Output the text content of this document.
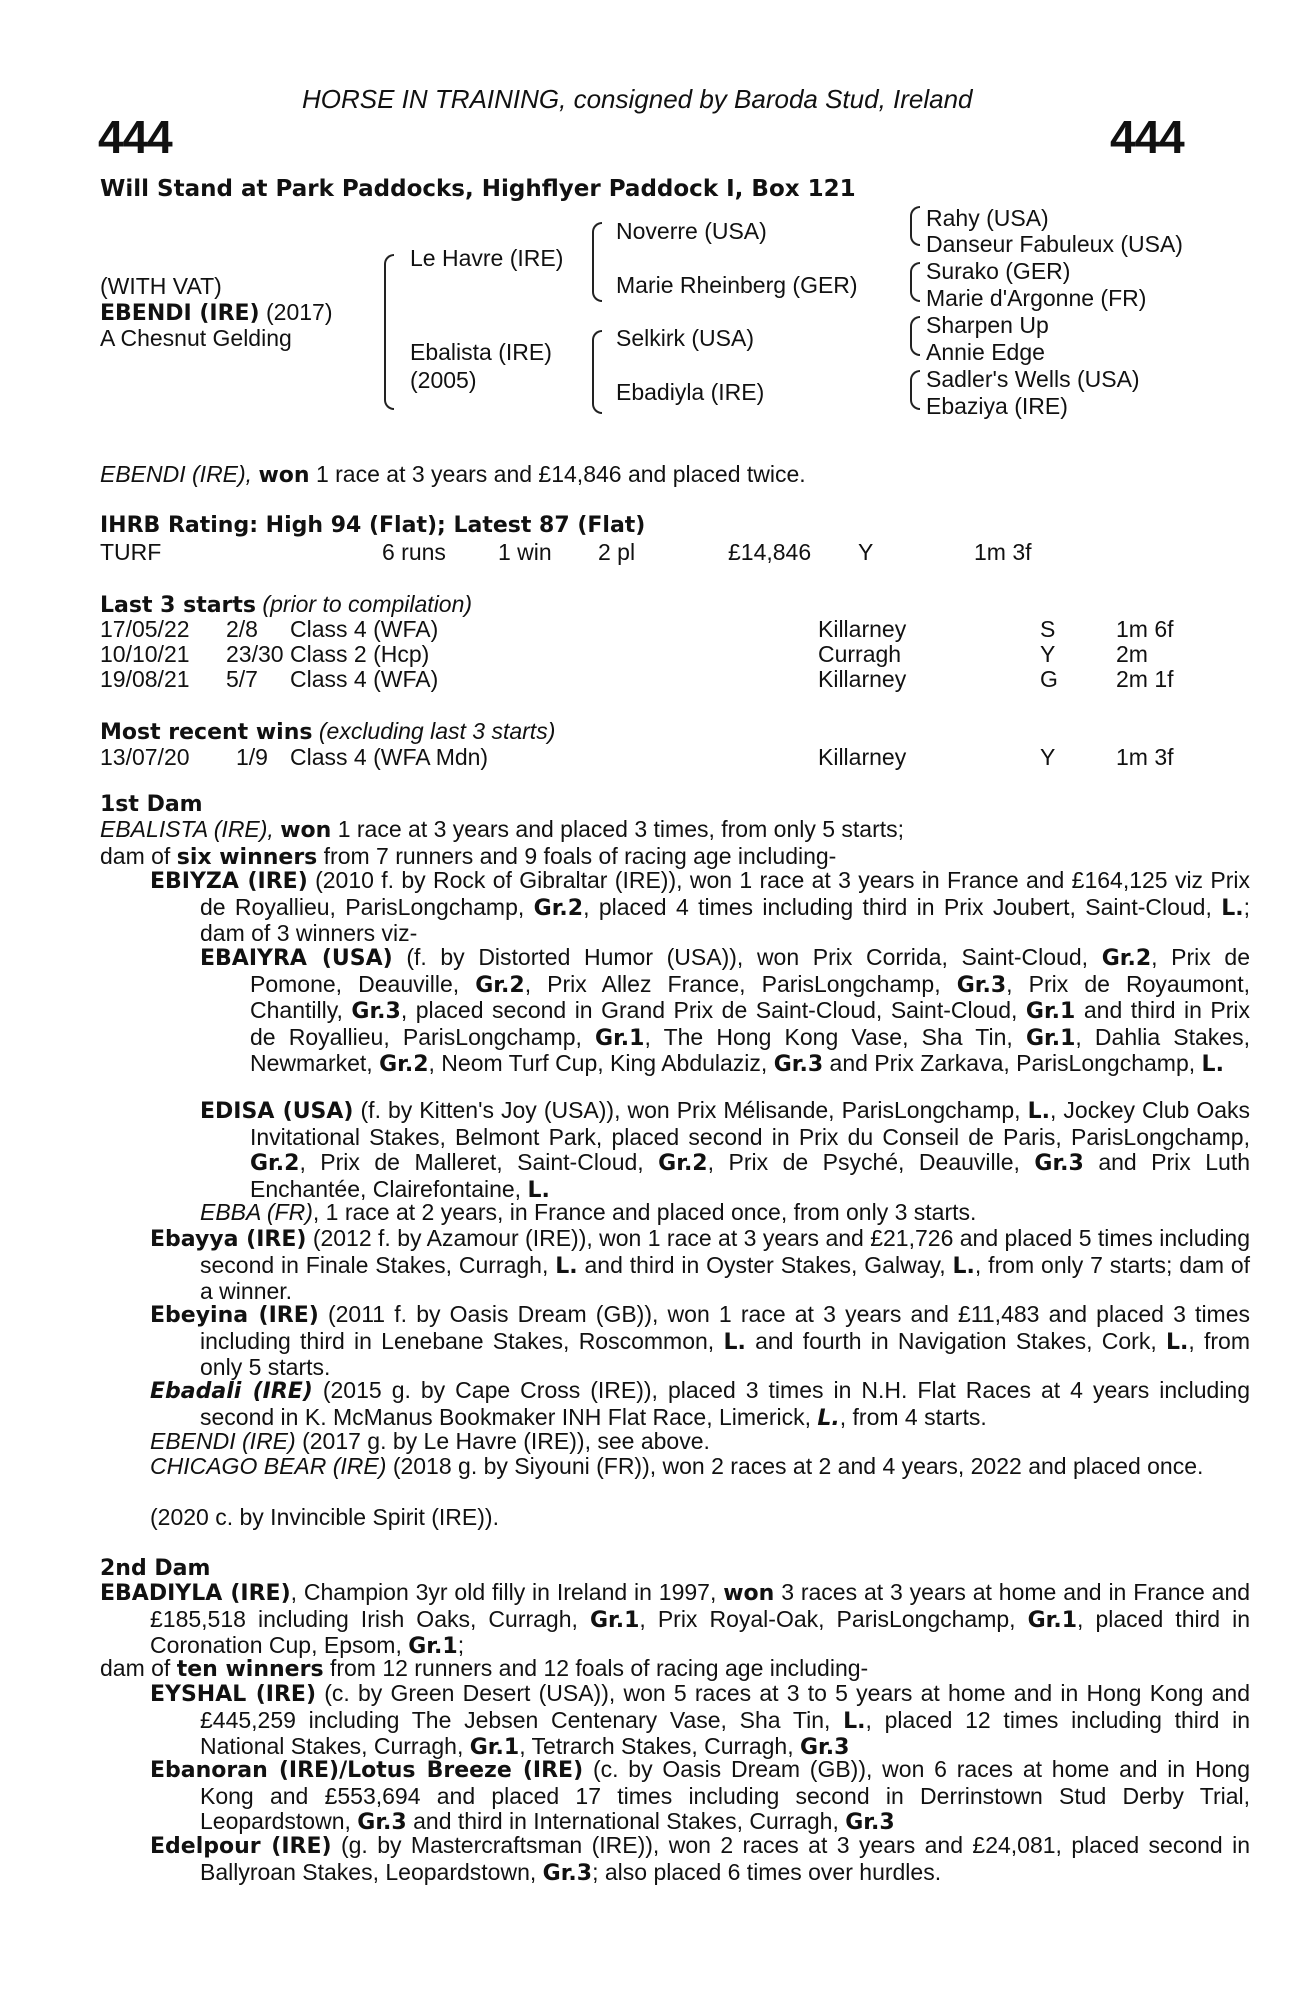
HORSE IN TRAINING, consigned by Baroda Stud, Ireland
444	444
Will Stand at Park Paddocks, Highflyer Paddock I, Box 121
(WITH VAT)
EBENDI (IRE) (2017)
A Chesnut Gelding
Le Havre (IRE)
Ebalista (IRE)
(2005)
Noverre (USA)
Marie Rheinberg (GER)
Selkirk (USA)
Ebadiyla (IRE)
Rahy (USA)
Danseur Fabuleux (USA)
Surako (GER)
Marie d'Argonne (FR)
Sharpen Up
Annie Edge
Sadler's Wells (USA)
Ebaziya (IRE)
EBENDI (IRE), won 1 race at 3 years and £14,846 and placed twice.
IHRB Rating: High 94 (Flat); Latest 87 (Flat)
TURF	6 runs 1 win 2 pl	£14,846 Y	1m 3f
Last 3 starts (prior to compilation)
17/05/22 2/8 Class 4 (WFA)	Killarney	S	1m 6f
10/10/21 23/30 Class 2 (Hcp)	Curragh	Y	2m
19/08/21 5/7 Class 4 (WFA)	Killarney	G	2m 1f
Most recent wins (excluding last 3 starts)
13/07/20 1/9 Class 4 (WFA Mdn)	Killarney	Y	1m 3f
1st Dam

EBALISTA (IRE), won 1 race at 3 years and placed 3 times, from only 5 starts;

dam of six winners from 7 runners and 9 foals of racing age including-

EBIYZA (IRE) (2010 f. by Rock of Gibraltar (IRE)), won 1 race at 3 years in France and £164,125 viz Prix de Royallieu, ParisLongchamp, Gr.2, placed 4 times including third in Prix Joubert, Saint-Cloud, L.; dam of 3 winners viz-

EBAIYRA (USA) (f. by Distorted Humor (USA)), won Prix Corrida, Saint-Cloud, Gr.2, Prix de Pomone, Deauville, Gr.2, Prix Allez France, ParisLongchamp, Gr.3, Prix de Royaumont, Chantilly, Gr.3, placed second in Grand Prix de Saint-Cloud, Saint-Cloud, Gr.1 and third in Prix de Royallieu, ParisLongchamp, Gr.1, The Hong Kong Vase, Sha Tin, Gr.1, Dahlia Stakes, Newmarket, Gr.2, Neom Turf Cup, King Abdulaziz, Gr.3 and Prix Zarkava, ParisLongchamp, L.

EDISA (USA) (f. by Kitten's Joy (USA)), won Prix Mélisande, ParisLongchamp, L., Jockey Club Oaks Invitational Stakes, Belmont Park, placed second in Prix du Conseil de Paris, ParisLongchamp, Gr.2, Prix de Malleret, Saint-Cloud, Gr.2, Prix de Psyché, Deauville, Gr.3 and Prix Luth Enchantée, Clairefontaine, L.

EBBA (FR), 1 race at 2 years, in France and placed once, from only 3 starts.

Ebayya (IRE) (2012 f. by Azamour (IRE)), won 1 race at 3 years and £21,726 and placed 5 times including second in Finale Stakes, Curragh, L. and third in Oyster Stakes, Galway, L., from only 7 starts; dam of a winner.

Ebeyina (IRE) (2011 f. by Oasis Dream (GB)), won 1 race at 3 years and £11,483 and placed 3 times including third in Lenebane Stakes, Roscommon, L. and fourth in Navigation Stakes, Cork, L., from only 5 starts.

Ebadali (IRE) (2015 g. by Cape Cross (IRE)), placed 3 times in N.H. Flat Races at 4 years including second in K. McManus Bookmaker INH Flat Race, Limerick, L., from 4 starts.

EBENDI (IRE) (2017 g. by Le Havre (IRE)), see above.

CHICAGO BEAR (IRE) (2018 g. by Siyouni (FR)), won 2 races at 2 and 4 years, 2022 and placed once.

(2020 c. by Invincible Spirit (IRE)).

2nd Dam

EBADIYLA (IRE), Champion 3yr old filly in Ireland in 1997, won 3 races at 3 years at home and in France and £185,518 including Irish Oaks, Curragh, Gr.1, Prix Royal-Oak, ParisLongchamp, Gr.1, placed third in Coronation Cup, Epsom, Gr.1;

dam of ten winners from 12 runners and 12 foals of racing age including-

EYSHAL (IRE) (c. by Green Desert (USA)), won 5 races at 3 to 5 years at home and in Hong Kong and £445,259 including The Jebsen Centenary Vase, Sha Tin, L., placed 12 times including third in National Stakes, Curragh, Gr.1, Tetrarch Stakes, Curragh, Gr.3

Ebanoran (IRE)/Lotus Breeze (IRE) (c. by Oasis Dream (GB)), won 6 races at home and in Hong Kong and £553,694 and placed 17 times including second in Derrinstown Stud Derby Trial, Leopardstown, Gr.3 and third in International Stakes, Curragh, Gr.3

Edelpour (IRE) (g. by Mastercraftsman (IRE)), won 2 races at 3 years and £24,081, placed second in Ballyroan Stakes, Leopardstown, Gr.3; also placed 6 times over hurdles.
